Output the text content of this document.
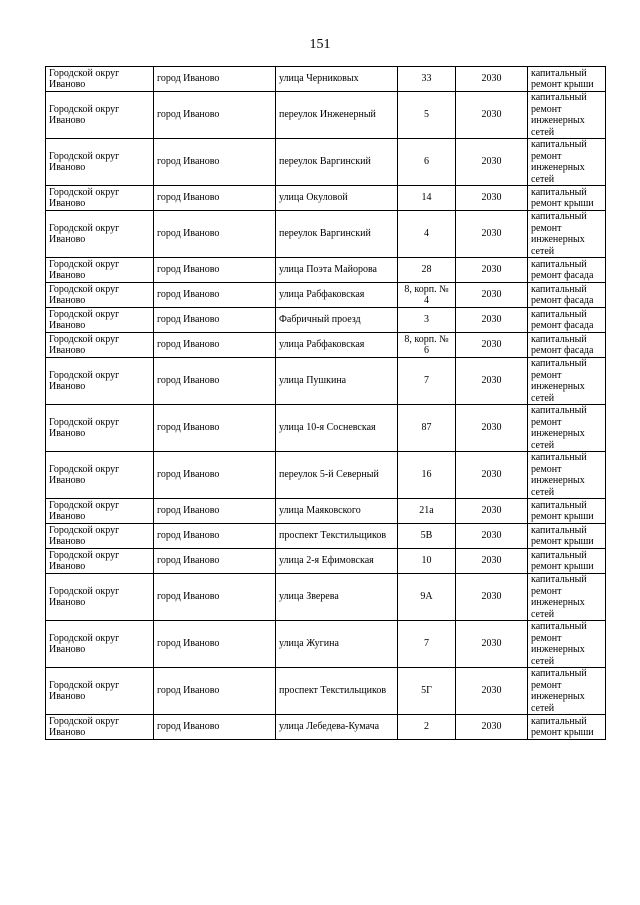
151
Городской округ Иваново	город Иваново	улица Черниковых	33	2030	капитальный ремонт крыши
Городской округ Иваново	город Иваново	переулок Инженерный	5	2030	капитальный ремонт инженерных сетей
Городской округ Иваново	город Иваново	переулок Варгинский	6	2030	капитальный ремонт инженерных сетей
Городской округ Иваново	город Иваново	улица Окуловой	14	2030	капитальный ремонт крыши
Городской округ Иваново	город Иваново	переулок Варгинский	4	2030	капитальный ремонт инженерных сетей
Городской округ Иваново	город Иваново	улица Поэта Майорова	28	2030	капитальный ремонт фасада
Городской округ Иваново	город Иваново	улица Рабфаковская	8, корп. № 4	2030	капитальный ремонт фасада
Городской округ Иваново	город Иваново	Фабричный проезд	3	2030	капитальный ремонт фасада
Городской округ Иваново	город Иваново	улица Рабфаковская	8, корп. № 6	2030	капитальный ремонт фасада
Городской округ Иваново	город Иваново	улица Пушкина	7	2030	капитальный ремонт инженерных сетей
Городской округ Иваново	город Иваново	улица 10-я Сосневская	87	2030	капитальный ремонт инженерных сетей
Городской округ Иваново	город Иваново	переулок 5-й Северный	16	2030	капитальный ремонт инженерных сетей
Городской округ Иваново	город Иваново	улица Маяковского	21а	2030	капитальный ремонт крыши
Городской округ Иваново	город Иваново	проспект Текстильщиков	5В	2030	капитальный ремонт крыши
Городской округ Иваново	город Иваново	улица 2-я Ефимовская	10	2030	капитальный ремонт крыши
Городской округ Иваново	город Иваново	улица Зверева	9А	2030	капитальный ремонт инженерных сетей
Городской округ Иваново	город Иваново	улица Жугина	7	2030	капитальный ремонт инженерных сетей
Городской округ Иваново	город Иваново	проспект Текстильщиков	5Г	2030	капитальный ремонт инженерных сетей
Городской округ Иваново	город Иваново	улица Лебедева-Кумача	2	2030	капитальный ремонт крыши
